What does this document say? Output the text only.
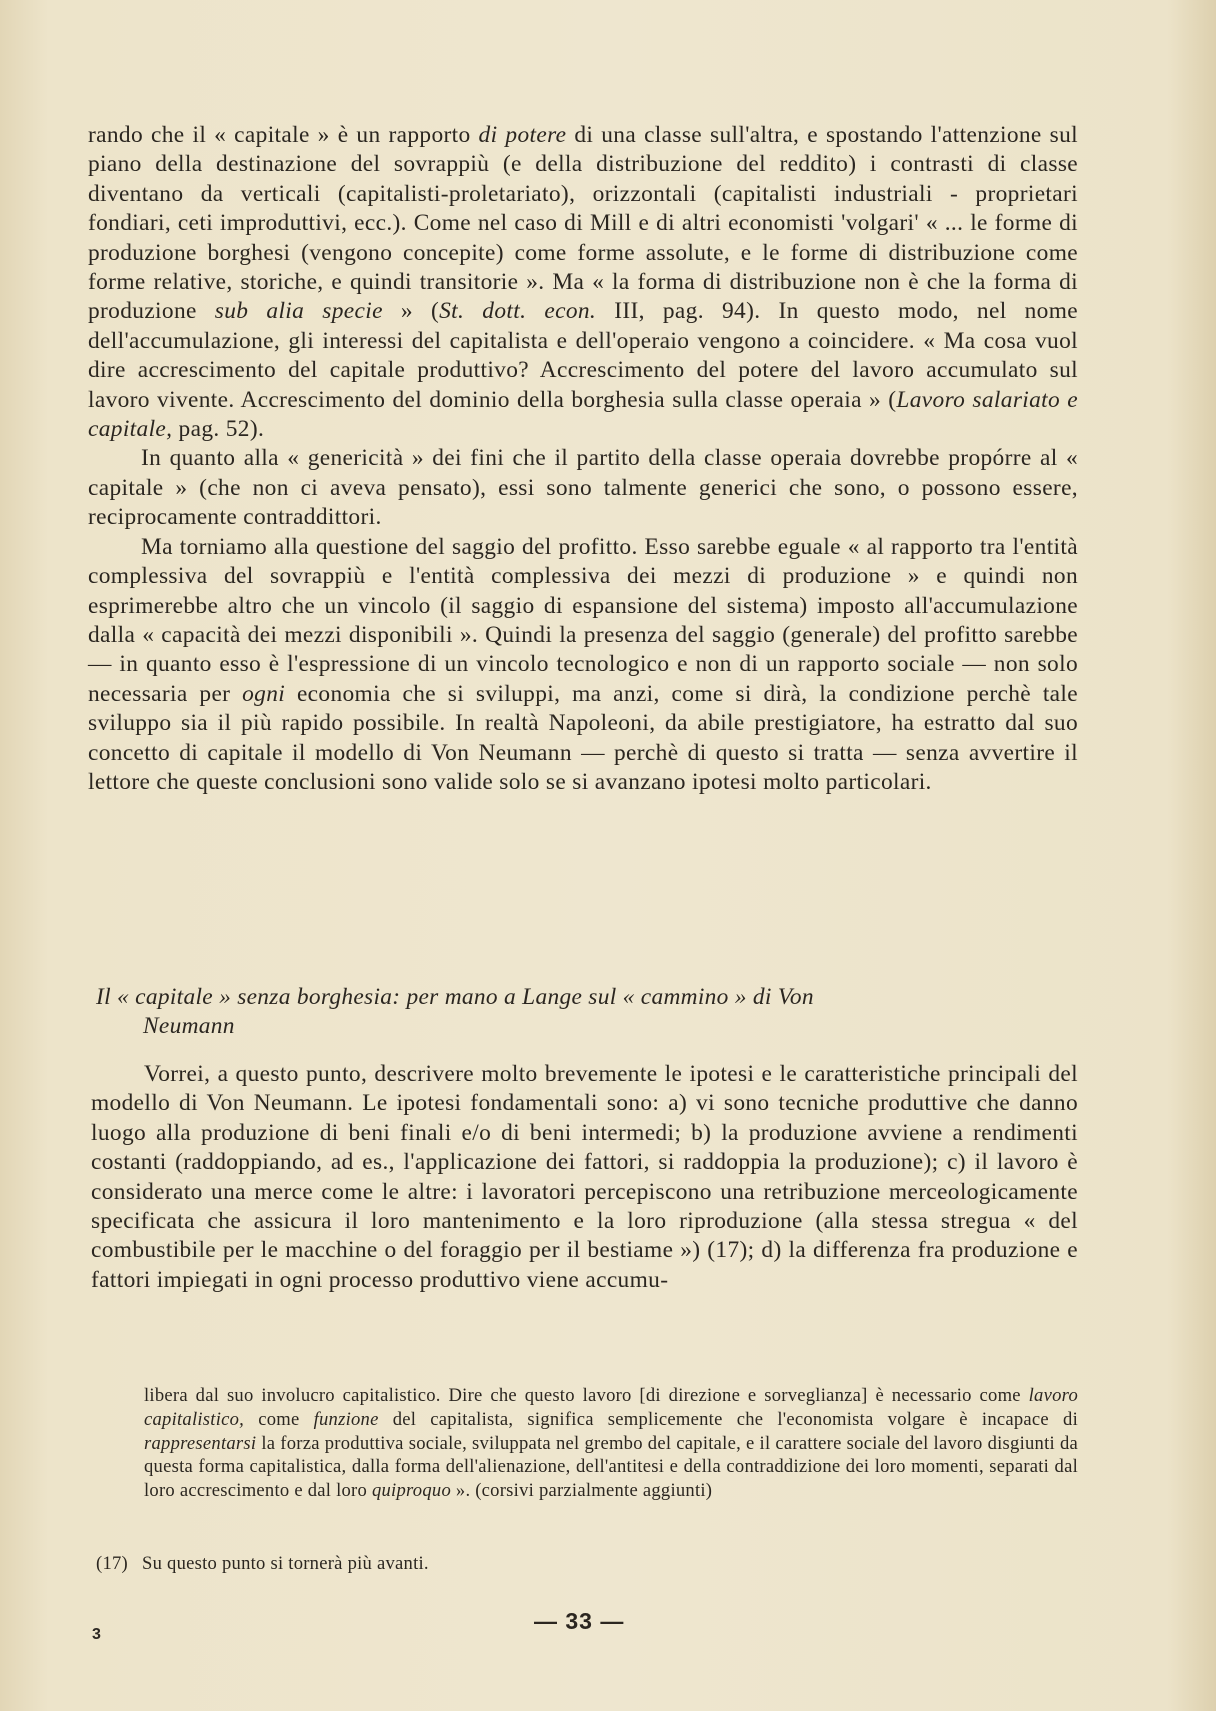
rando che il « capitale » è un rapporto di potere di una classe sull'altra, e spostando l'attenzione sul piano della destinazione del sovrappiù (e della distribuzione del reddito) i contrasti di classe diventano da verticali (capitalisti-proletariato), orizzontali (capitalisti industriali - proprietari fondiari, ceti improduttivi, ecc.). Come nel caso di Mill e di altri economisti 'volgari' « ... le forme di produzione borghesi (vengono concepite) come forme assolute, e le forme di distribuzione come forme relative, storiche, e quindi transitorie ». Ma « la forma di distribuzione non è che la forma di produzione sub alia specie » (St. dott. econ. III, pag. 94). In questo modo, nel nome dell'accumulazione, gli interessi del capitalista e dell'operaio vengono a coincidere. « Ma cosa vuol dire accrescimento del capitale produttivo? Accrescimento del potere del lavoro accumulato sul lavoro vivente. Accrescimento del dominio della borghesia sulla classe operaia » (Lavoro salariato e capitale, pag. 52).

In quanto alla « genericità » dei fini che il partito della classe operaia dovrebbe propórre al « capitale » (che non ci aveva pensato), essi sono talmente generici che sono, o possono essere, reciprocamente contraddittori.

Ma torniamo alla questione del saggio del profitto. Esso sarebbe eguale « al rapporto tra l'entità complessiva del sovrappiù e l'entità complessiva dei mezzi di produzione » e quindi non esprimerebbe altro che un vincolo (il saggio di espansione del sistema) imposto all'accumulazione dalla « capacità dei mezzi disponibili ». Quindi la presenza del saggio (generale) del profitto sarebbe — in quanto esso è l'espressione di un vincolo tecnologico e non di un rapporto sociale — non solo necessaria per ogni economia che si sviluppi, ma anzi, come si dirà, la condizione perchè tale sviluppo sia il più rapido possibile. In realtà Napoleoni, da abile prestigiatore, ha estratto dal suo concetto di capitale il modello di Von Neumann — perchè di questo si tratta — senza avvertire il lettore che queste conclusioni sono valide solo se si avanzano ipotesi molto particolari.

Il « capitale » senza borghesia: per mano a Lange sul « cammino » di Von
Neumann

Vorrei, a questo punto, descrivere molto brevemente le ipotesi e le caratteristiche principali del modello di Von Neumann. Le ipotesi fondamentali sono: a) vi sono tecniche produttive che danno luogo alla produzione di beni finali e/o di beni intermedi; b) la produzione avviene a rendimenti costanti (raddoppiando, ad es., l'applicazione dei fattori, si raddoppia la produzione); c) il lavoro è considerato una merce come le altre: i lavoratori percepiscono una retribuzione merceologicamente specificata che assicura il loro mantenimento e la loro riproduzione (alla stessa stregua « del combustibile per le macchine o del foraggio per il bestiame ») (17); d) la differenza fra produzione e fattori impiegati in ogni processo produttivo viene accumu-

libera dal suo involucro capitalistico. Dire che questo lavoro [di direzione e sorveglianza] è necessario come lavoro capitalistico, come funzione del capitalista, significa semplicemente che l'economista volgare è incapace di rappresentarsi la forza produttiva sociale, sviluppata nel grembo del capitale, e il carattere sociale del lavoro disgiunti da questa forma capitalistica, dalla forma dell'alienazione, dell'antitesi e della contraddizione dei loro momenti, separati dal loro accrescimento e dal loro quiproquo ». (corsivi parzialmente aggiunti)

(17) Su questo punto si tornerà più avanti.
3
— 33 —
